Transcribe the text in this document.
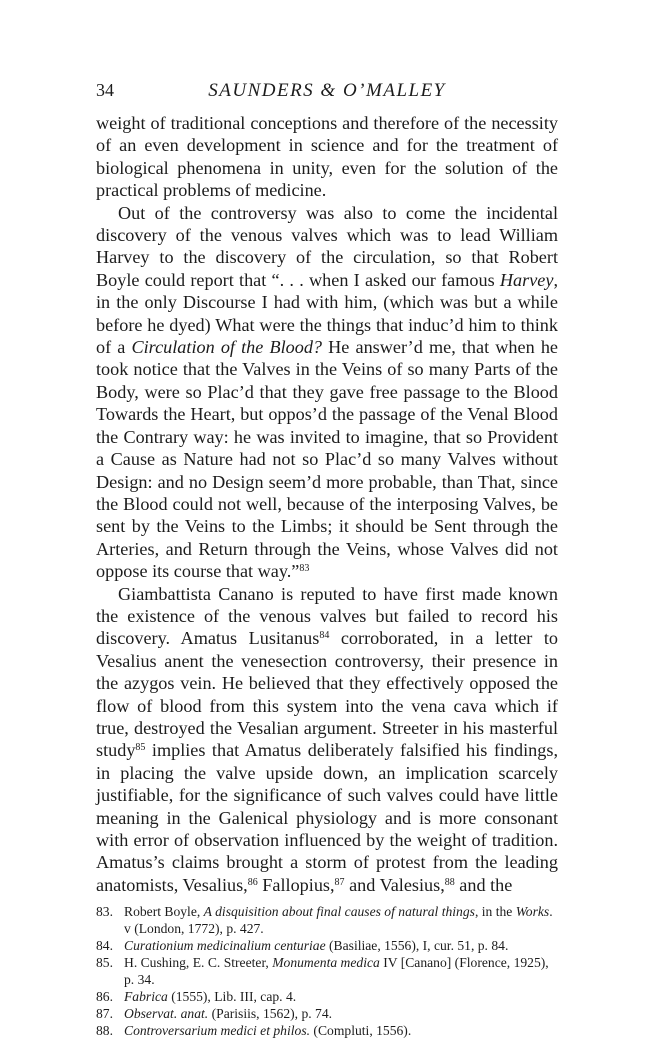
34	SAUNDERS & O’MALLEY

weight of traditional conceptions and therefore of the necessity of an even development in science and for the treatment of biological phenomena in unity, even for the solution of the practical problems of medicine.

Out of the controversy was also to come the incidental discovery of the venous valves which was to lead William Harvey to the discovery of the circulation, so that Robert Boyle could report that “. . . when I asked our famous Harvey, in the only Discourse I had with him, (which was but a while before he dyed) What were the things that induc’d him to think of a Circulation of the Blood? He answer’d me, that when he took notice that the Valves in the Veins of so many Parts of the Body, were so Plac’d that they gave free passage to the Blood Towards the Heart, but oppos’d the passage of the Venal Blood the Contrary way: he was invited to imagine, that so Provident a Cause as Nature had not so Plac’d so many Valves without Design: and no Design seem’d more probable, than That, since the Blood could not well, because of the interposing Valves, be sent by the Veins to the Limbs; it should be Sent through the Arteries, and Return through the Veins, whose Valves did not oppose its course that way.”$^{83}$

Giambattista Canano is reputed to have first made known the existence of the venous valves but failed to record his discovery. Amatus Lusitanus$^{84}$ corroborated, in a letter to Vesalius anent the venesection controversy, their presence in the azygos vein. He believed that they effectively opposed the flow of blood from this system into the vena cava which if true, destroyed the Vesalian argument. Streeter in his masterful study$^{85}$ implies that Amatus deliberately falsified his findings, in placing the valve upside down, an implication scarcely justifiable, for the significance of such valves could have little meaning in the Galenical physiology and is more consonant with error of observation influenced by the weight of tradition. Amatus’s claims brought a storm of protest from the leading anatomists, Vesalius,$^{86}$ Fallopius,$^{87}$ and Valesius,$^{88}$ and the

83. Robert Boyle, A disquisition about final causes of natural things, in the Works. v (London, 1772), p. 427.
84. Curationium medicinalium centuriae (Basiliae, 1556), I, cur. 51, p. 84.
85. H. Cushing, E. C. Streeter, Monumenta medica IV [Canano] (Florence, 1925), p. 34.
86. Fabrica (1555), Lib. III, cap. 4.
87. Observat. anat. (Parisiis, 1562), p. 74.
88. Controversarium medici et philos. (Compluti, 1556).
